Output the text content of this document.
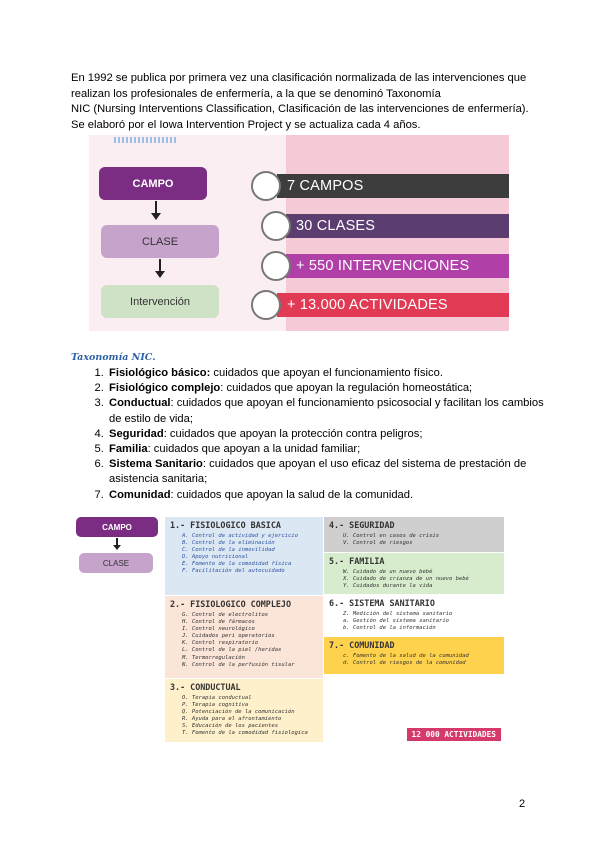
En 1992 se publica por primera vez una clasificación normalizada de las intervenciones que

realizan los profesionales de enfermería, a la que se denominó Taxonomía

NIC (Nursing Interventions Classification, Clasificación de las intervenciones de enfermería).

Se elaboró por el Iowa Intervention Project y se actualiza cada 4 años.

CAMPO
CLASE
Intervención
7 CAMPOS
30 CLASES
+ 550 INTERVENCIONES
+ 13.000 ACTIVIDADES
Taxonomía NIC.
1. Fisiológico básico: cuidados que apoyan el funcionamiento físico.
2. Fisiológico complejo: cuidados que apoyan la regulación homeostática;
3. Conductual: cuidados que apoyan el funcionamiento psicosocial y facilitan los cambios de estilo de vida;
4. Seguridad: cuidados que apoyan la protección contra peligros;
5. Familia: cuidados que apoyan a la unidad familiar;
6. Sistema Sanitario: cuidados que apoyan el uso eficaz del sistema de prestación de asistencia sanitaria;
7. Comunidad: cuidados que apoyan la salud de la comunidad.
CAMPO
CLASE
1.- FISIOLOGICO BASICA
A. Control de actividad y ejercicio
B. Control de la eliminación
C. Control de la inmovilidad
D. Apoyo nutricional
E. Fomento de la comodidad física
F. Facilitación del autocuidado
2.- FISIOLOGICO COMPLEJO
G. Control de electrolitos
H. Control de fármacos
I. Control neurológico
J. Cuidados peri operatorios
K. Control respiratorio
L. Control de la piel /heridas
M. Termorregulación
N. Control de la perfusión tisular
3.- CONDUCTUAL
O. Terapia conductual
P. Terapia cognitiva
Q. Potenciación de la comunicación
R. Ayuda para el afrontamiento
S. Educación de los pacientes
T. Fomento de la comodidad fisiologica
4.- SEGURIDAD
U. Control en casos de crisis
V. Control de riesgos
5.- FAMILIA
W. Cuidado de un nuevo bebé
X. Cuidado de crianza de un nuevo bebé
Y. Cuidados durante la vida
6.- SISTEMA SANITARIO
Z. Medición del sistema sanitario
a. Gestión del sistema sanitario
b. Control de la información
7.- COMUNIDAD
c. Fomento de la salud de la comunidad
d. Control de riesgos de la comunidad
12 000 ACTIVIDADES
2
